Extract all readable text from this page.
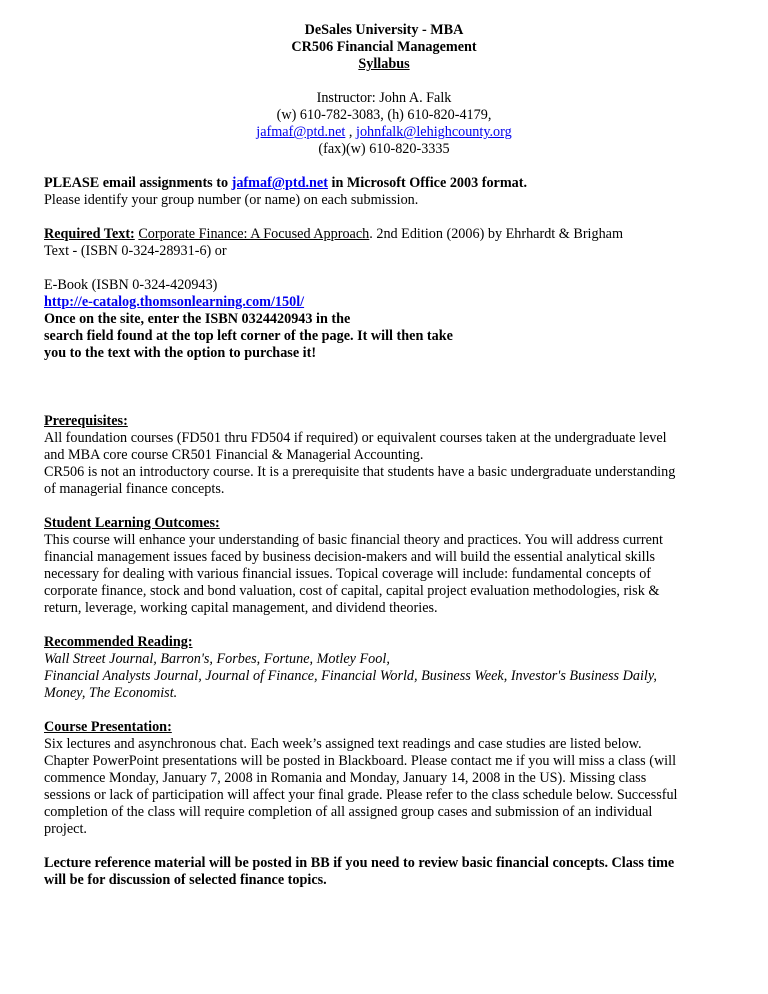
DeSales University - MBA

CR506 Financial Management

Syllabus

Instructor: John A. Falk

(w) 610-782-3083, (h) 610-820-4179,

jafmaf@ptd.net , johnfalk@lehighcounty.org

(fax)(w) 610-820-3335

PLEASE email assignments to jafmaf@ptd.net in Microsoft Office 2003 format.

Please identify your group number (or name) on each submission.

Required Text: Corporate Finance: A Focused Approach. 2nd Edition (2006) by Ehrhardt & Brigham

Text - (ISBN 0-324-28931-6) or

E-Book (ISBN 0-324-420943)

http://e-catalog.thomsonlearning.com/150l/

Once on the site, enter the ISBN 0324420943 in the

search field found at the top left corner of the page. It will then take

you to the text with the option to purchase it!

Prerequisites:

All foundation courses (FD501 thru FD504 if required) or equivalent courses taken at the undergraduate level

and MBA core course CR501 Financial & Managerial Accounting.

CR506 is not an introductory course. It is a prerequisite that students have a basic undergraduate understanding

of managerial finance concepts.

Student Learning Outcomes:

This course will enhance your understanding of basic financial theory and practices. You will address current

financial management issues faced by business decision-makers and will build the essential analytical skills

necessary for dealing with various financial issues. Topical coverage will include: fundamental concepts of

corporate finance, stock and bond valuation, cost of capital, capital project evaluation methodologies, risk &

return, leverage, working capital management, and dividend theories.

Recommended Reading:

Wall Street Journal, Barron's, Forbes, Fortune, Motley Fool,

Financial Analysts Journal, Journal of Finance, Financial World, Business Week, Investor's Business Daily,

Money, The Economist.

Course Presentation:

Six lectures and asynchronous chat. Each week’s assigned text readings and case studies are listed below.

Chapter PowerPoint presentations will be posted in Blackboard. Please contact me if you will miss a class (will

commence Monday, January 7, 2008 in Romania and Monday, January 14, 2008 in the US). Missing class

sessions or lack of participation will affect your final grade. Please refer to the class schedule below. Successful

completion of the class will require completion of all assigned group cases and submission of an individual

project.

Lecture reference material will be posted in BB if you need to review basic financial concepts. Class time

will be for discussion of selected finance topics.
